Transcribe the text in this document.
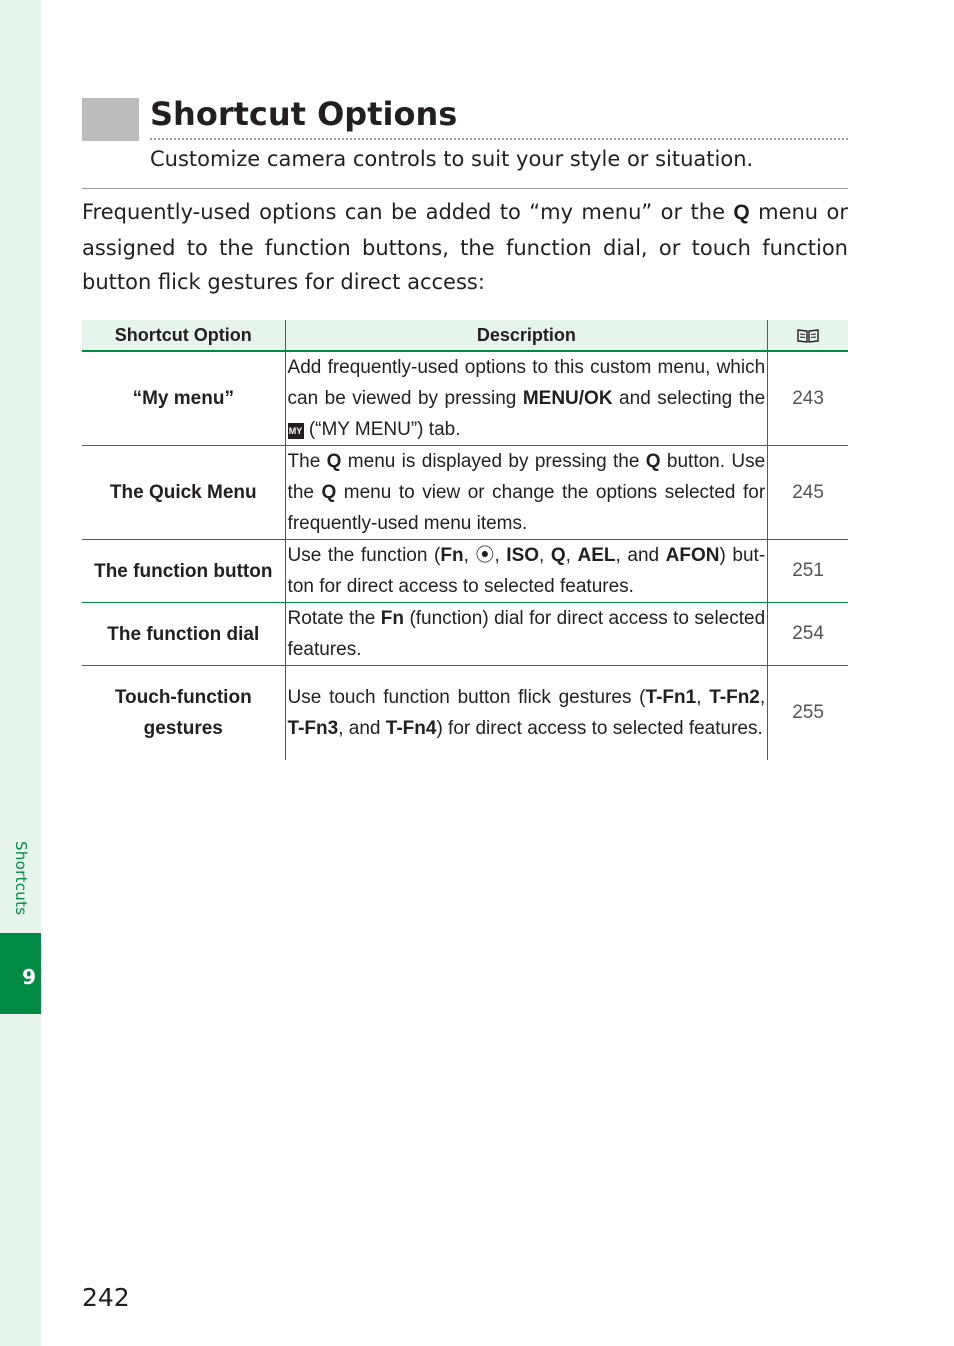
Shortcuts
9
Shortcut Options
Customize camera controls to suit your style or situation.

Frequently-used options can be added to “my menu” or the Q menu or assigned to the function buttons, the function dial, or touch function button flick gestures for direct access:

Shortcut Option	Description	
“My menu”	Add frequently-used options to this custom menu, which can be viewed by pressing MENU/OK and selecting the MY (“MY MENU”) tab.	243
The Quick Menu	The Q menu is displayed by pressing the Q button. Use the Q menu to view or change the options selected for frequently-used menu items.	245
The function button	Use the function (Fn, ⦿, ISO, Q, AEL, and AFON) button for direct access to selected features.	251
The function dial	Rotate the Fn (function) dial for direct access to selected features.	254
Touch-function
gestures	Use touch function button flick gestures (T-Fn1, T-Fn2, T-Fn3, and T-Fn4) for direct access to selected features.	255
242
